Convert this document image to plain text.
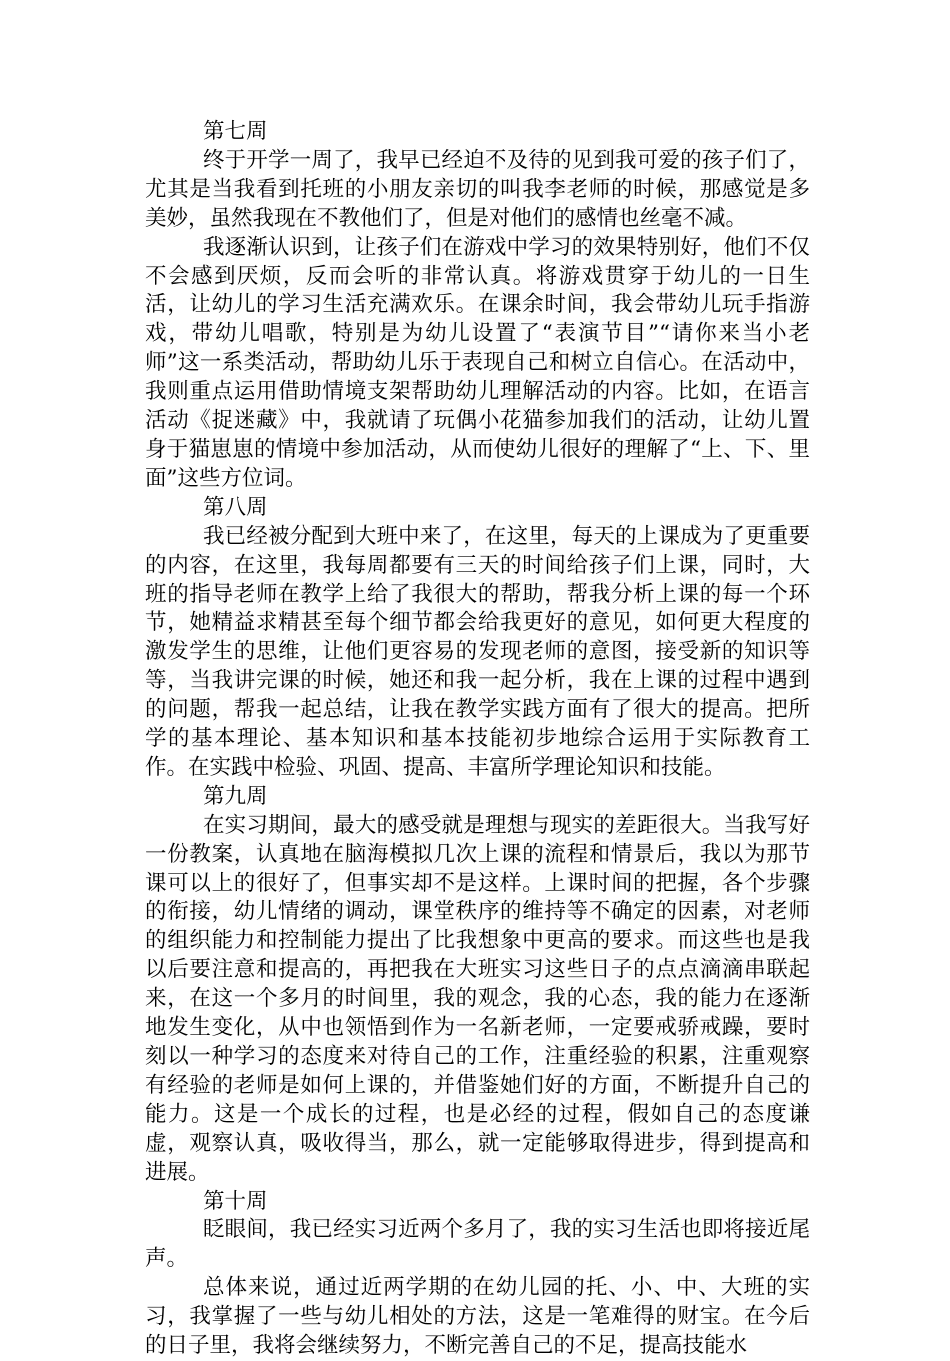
第七周

终于开学一周了，我早已经迫不及待的见到我可爱的孩子们了，尤其是当我看到托班的小朋友亲切的叫我李老师的时候，那感觉是多美妙，虽然我现在不教他们了，但是对他们的感情也丝毫不减。

我逐渐认识到，让孩子们在游戏中学习的效果特别好，他们不仅不会感到厌烦，反而会听的非常认真。将游戏贯穿于幼儿的一日生活，让幼儿的学习生活充满欢乐。在课余时间，我会带幼儿玩手指游戏，带幼儿唱歌，特别是为幼儿设置了“表演节目”“请你来当小老师”这一系类活动，帮助幼儿乐于表现自己和树立自信心。在活动中，我则重点运用借助情境支架帮助幼儿理解活动的内容。比如，在语言活动《捉迷藏》中，我就请了玩偶小花猫参加我们的活动，让幼儿置身于猫崽崽的情境中参加活动，从而使幼儿很好的理解了“上、下、里面”这些方位词。

第八周

我已经被分配到大班中来了，在这里，每天的上课成为了更重要的内容，在这里，我每周都要有三天的时间给孩子们上课，同时，大班的指导老师在教学上给了我很大的帮助，帮我分析上课的每一个环节，她精益求精甚至每个细节都会给我更好的意见，如何更大程度的激发学生的思维，让他们更容易的发现老师的意图，接受新的知识等等，当我讲完课的时候，她还和我一起分析，我在上课的过程中遇到的问题，帮我一起总结，让我在教学实践方面有了很大的提高。把所学的基本理论、基本知识和基本技能初步地综合运用于实际教育工作。在实践中检验、巩固、提高、丰富所学理论知识和技能。

第九周

在实习期间，最大的感受就是理想与现实的差距很大。当我写好一份教案，认真地在脑海模拟几次上课的流程和情景后，我以为那节课可以上的很好了，但事实却不是这样。上课时间的把握，各个步骤的衔接，幼儿情绪的调动，课堂秩序的维持等不确定的因素，对老师的组织能力和控制能力提出了比我想象中更高的要求。而这些也是我以后要注意和提高的，再把我在大班实习这些日子的点点滴滴串联起来，在这一个多月的时间里，我的观念，我的心态，我的能力在逐渐地发生变化，从中也领悟到作为一名新老师，一定要戒骄戒躁，要时刻以一种学习的态度来对待自己的工作，注重经验的积累，注重观察有经验的老师是如何上课的，并借鉴她们好的方面，不断提升自己的能力。这是一个成长的过程，也是必经的过程，假如自己的态度谦虚，观察认真，吸收得当，那么，就一定能够取得进步，得到提高和进展。

第十周

眨眼间，我已经实习近两个多月了，我的实习生活也即将接近尾声。

总体来说，通过近两学期的在幼儿园的托、小、中、大班的实习，我掌握了一些与幼儿相处的方法，这是一笔难得的财宝。在今后的日子里，我将会继续努力，不断完善自己的不足，提高技能水
